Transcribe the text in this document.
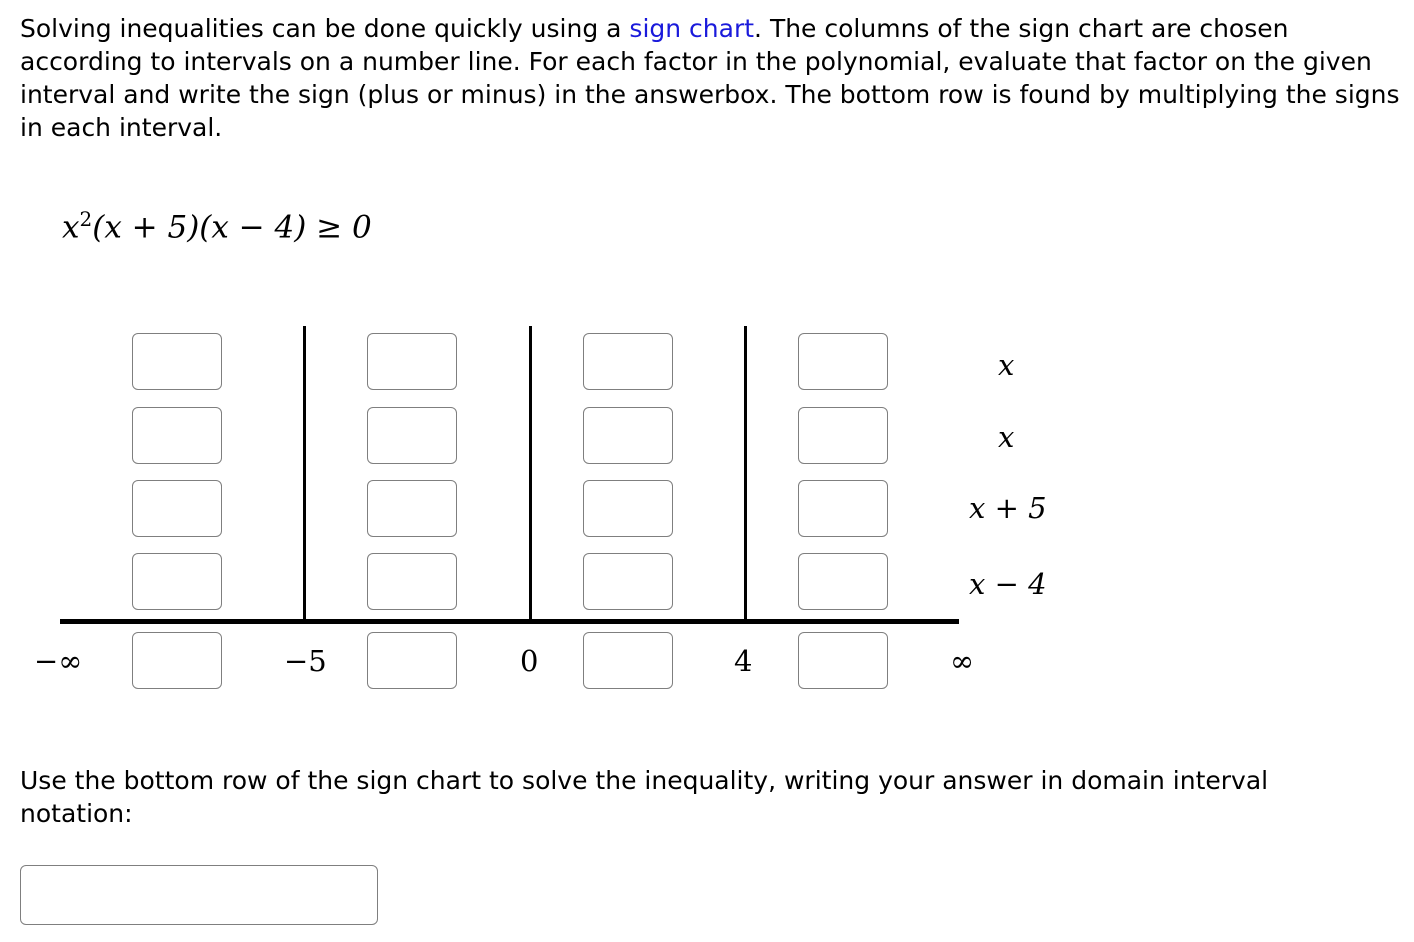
Solving inequalities can be done quickly using a sign chart. The columns of the sign chart are chosen according to intervals on a number line. For each factor in the polynomial, evaluate that factor on the given interval and write the sign (plus or minus) in the answerbox. The bottom row is found by multiplying the signs in each interval.

$x^2(x + 5)(x - 4) \ge 0$
x
x
x + 5
x − 4
−∞	−5	0	4	∞

Use the bottom row of the sign chart to solve the inequality, writing your answer in domain interval notation:
